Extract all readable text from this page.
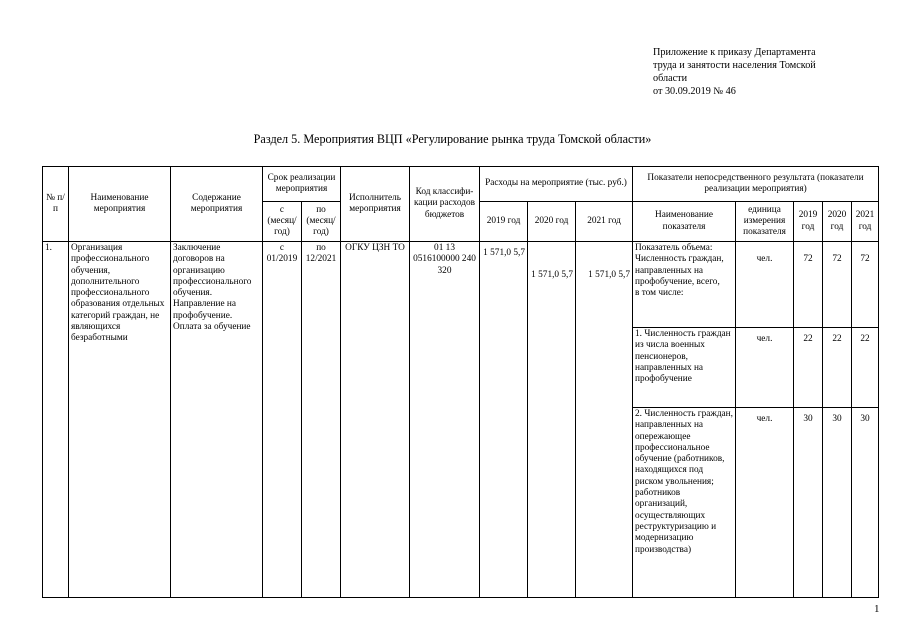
Приложение к приказу Департамента
труда и занятости населения Томской
области
от 30.09.2019 № 46
Раздел 5. Мероприятия ВЦП «Регулирование рынка труда Томской области»
№ п/п	Наименование мероприятия	Содержание мероприятия	Срок реализации мероприятия		Исполнитель мероприятия	Код классифи-кации расходов бюджетов	Расходы на мероприятие (тыс. руб.)			Показатели непосредственного результата (показатели реализации мероприятия)				
			с (месяц/ год)	по (месяц/ год)			2019 год	2020 год	2021 год	Наименование показателя	единица измерения показателя	2019 год	2020 год	2021 год
1.	Организация профессионального обучения, дополнительного профессионального образования отдельных категорий граждан, не являющихся безработными	Заключение договоров на организацию профессионального обучения. Направление на профобучение. Оплата за обучение	с 01/2019	по 12/2021	ОГКУ ЦЗН ТО	01 13 0516100000 240 320	1 571,0 5,7	1 571,0 5,7	1 571,0 5,7	Показатель объема:
Численность граждан, направленных на профобучение, всего,
в том числе:	чел.	72	72	72
										1. Численность граждан из числа военных пенсионеров, направленных на профобучение	чел.	22	22	22
										2. Численность граждан, направленных на опережающее профессиональное обучение (работников, находящихся под риском увольнения; работников организаций, осуществляющих реструктуризацию и модернизацию производства)	чел.	30	30	30
1
